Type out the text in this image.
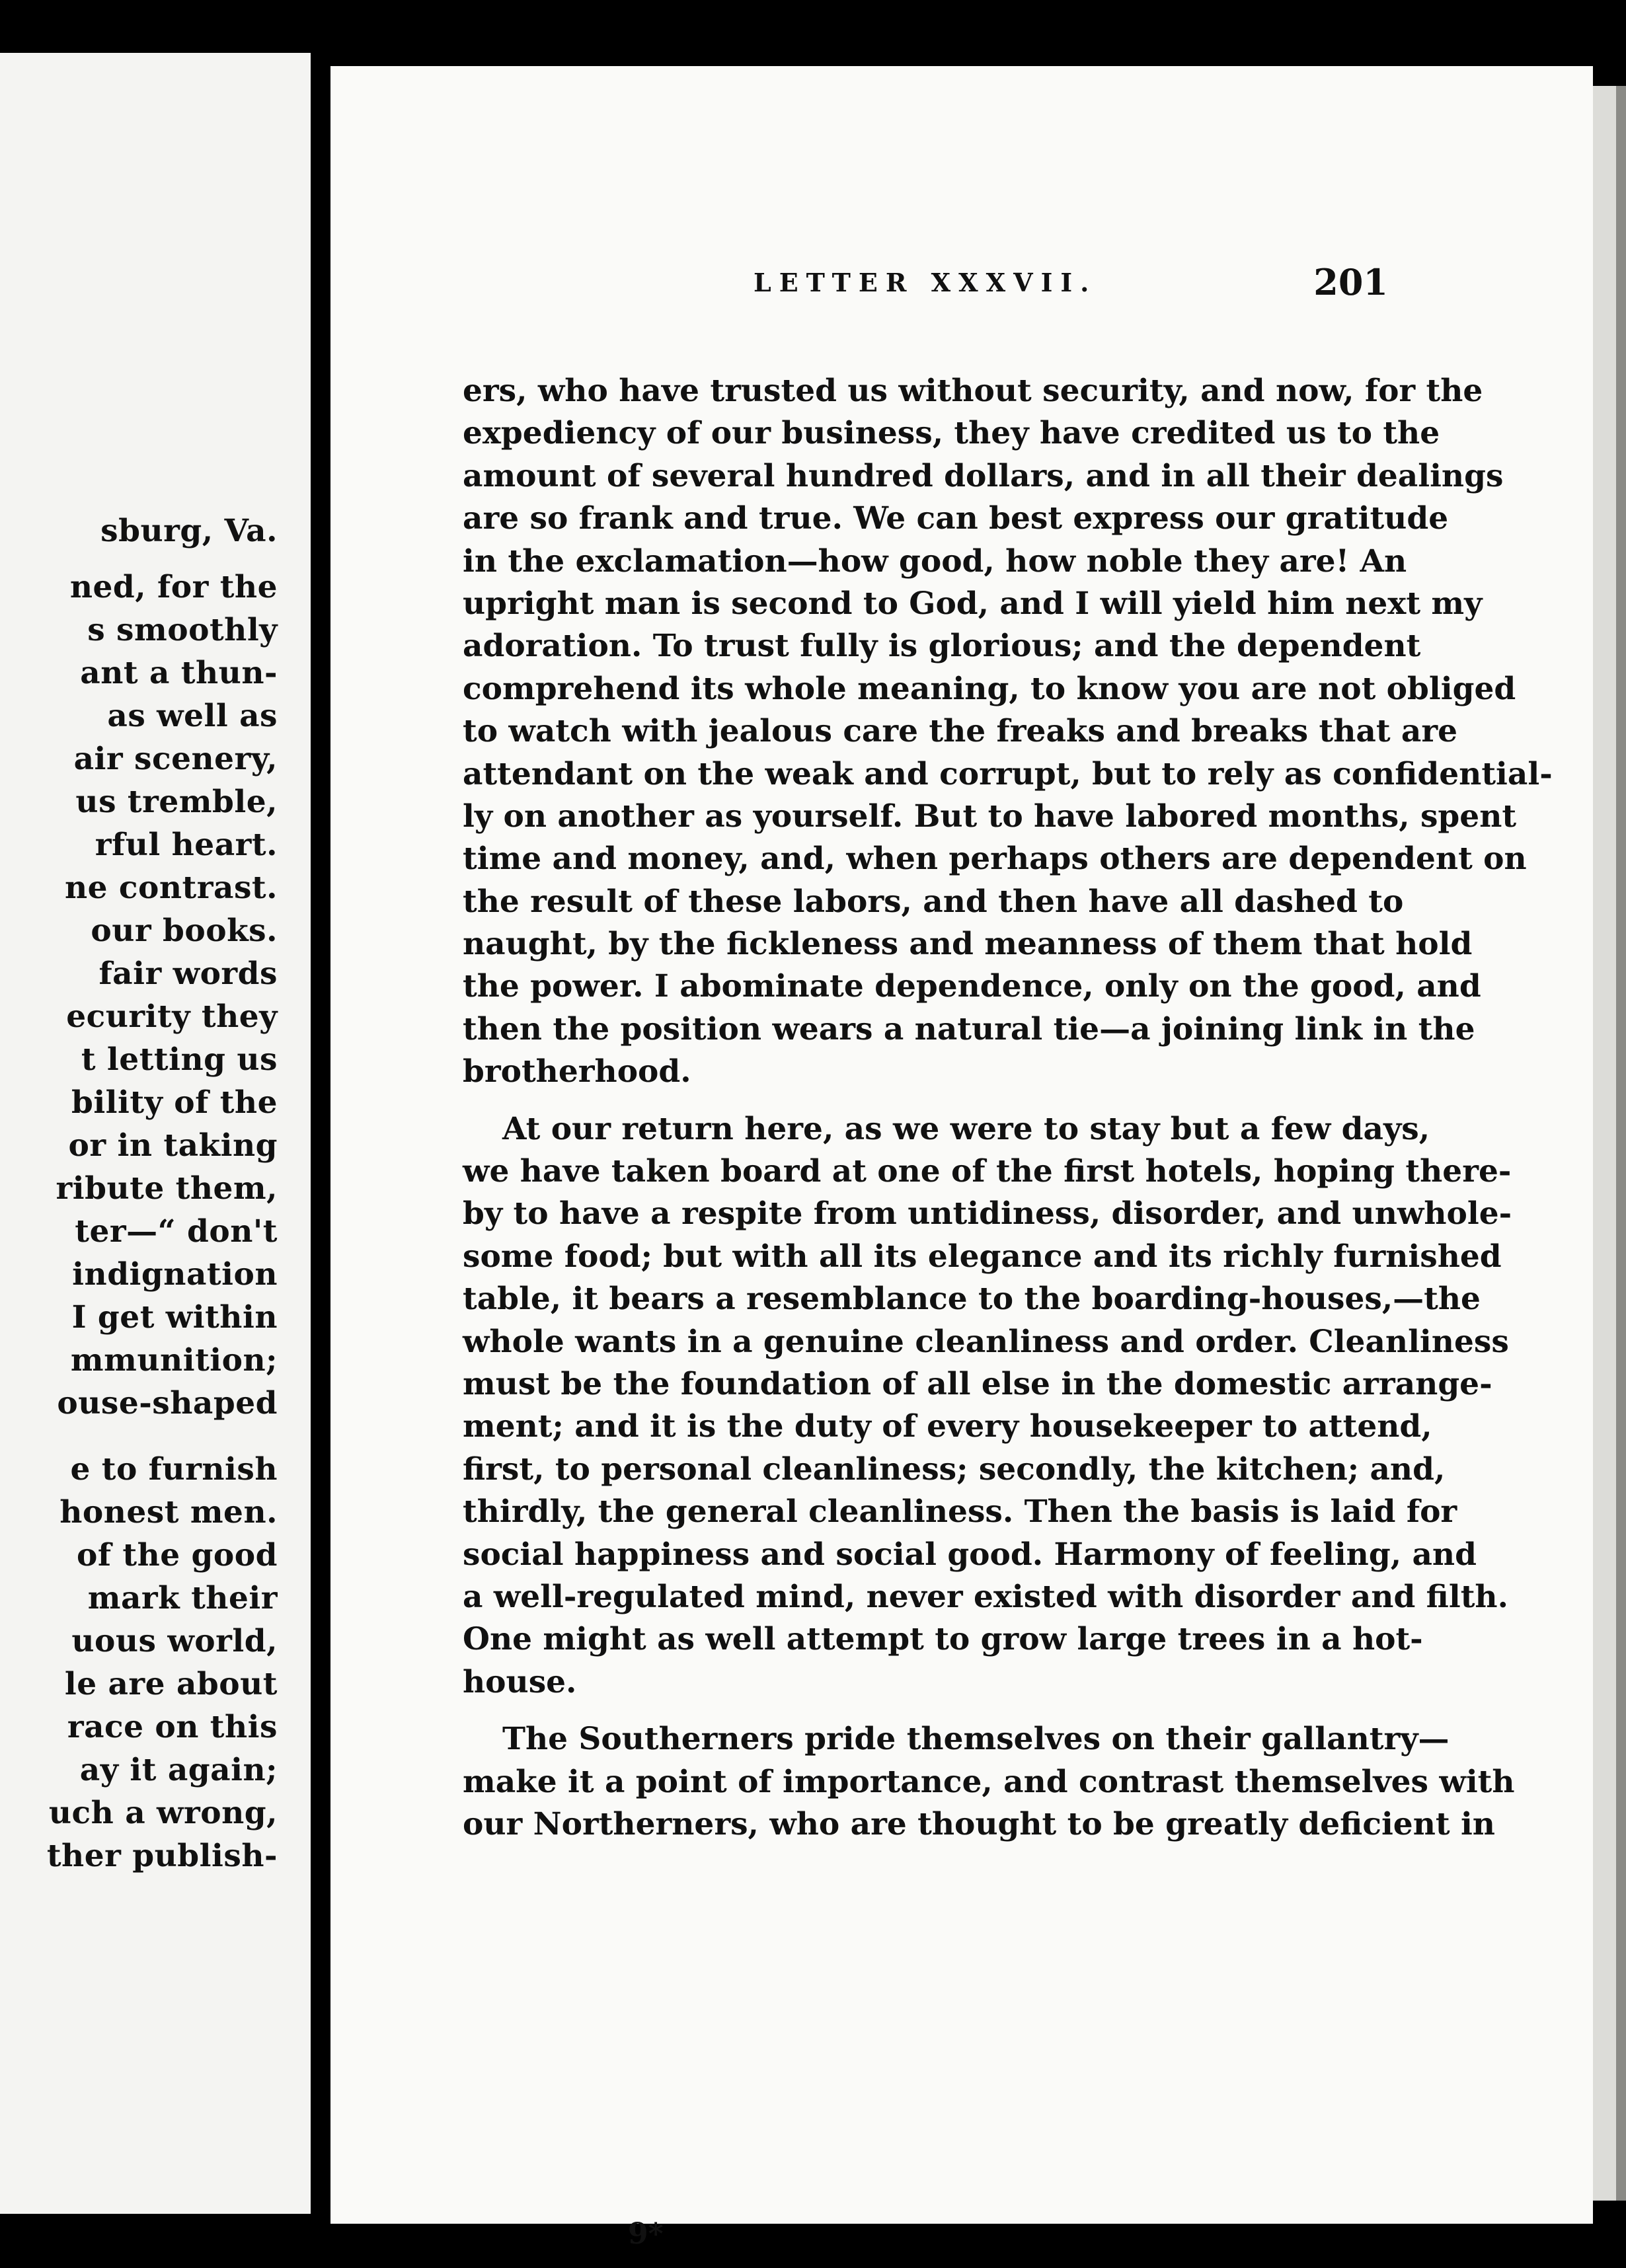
sburg, Va.
ned, for the
s smoothly
ant a thun-
as well as
air scenery,
us tremble,
rful heart.
ne contrast.
our books.
fair words
ecurity they
t letting us
bility of the
or in taking
ribute them,
ter—“ don't
indignation
I get within
mmunition;
ouse-shaped
e to furnish
honest men.
of the good
mark their
uous world,
le are about
race on this
ay it again;
uch a wrong,
ther publish-
LETTER XXXVII.	201
ers, who have trusted us without security, and now, for the
expediency of our business, they have credited us to the
amount of several hundred dollars, and in all their dealings
are so frank and true. We can best express our gratitude
in the exclamation—how good, how noble they are! An
upright man is second to God, and I will yield him next my
adoration. To trust fully is glorious; and the dependent
comprehend its whole meaning, to know you are not obliged
to watch with jealous care the freaks and breaks that are
attendant on the weak and corrupt, but to rely as confidential-
ly on another as yourself. But to have labored months, spent
time and money, and, when perhaps others are dependent on
the result of these labors, and then have all dashed to
naught, by the fickleness and meanness of them that hold
the power. I abominate dependence, only on the good, and
then the position wears a natural tie—a joining link in the
brotherhood.
At our return here, as we were to stay but a few days,
we have taken board at one of the first hotels, hoping there-
by to have a respite from untidiness, disorder, and unwhole-
some food; but with all its elegance and its richly furnished
table, it bears a resemblance to the boarding-houses,—the
whole wants in a genuine cleanliness and order. Cleanliness
must be the foundation of all else in the domestic arrange-
ment; and it is the duty of every housekeeper to attend,
first, to personal cleanliness; secondly, the kitchen; and,
thirdly, the general cleanliness. Then the basis is laid for
social happiness and social good. Harmony of feeling, and
a well-regulated mind, never existed with disorder and filth.
One might as well attempt to grow large trees in a hot-
house.
The Southerners pride themselves on their gallantry—
make it a point of importance, and contrast themselves with
our Northerners, who are thought to be greatly deficient in
9*
